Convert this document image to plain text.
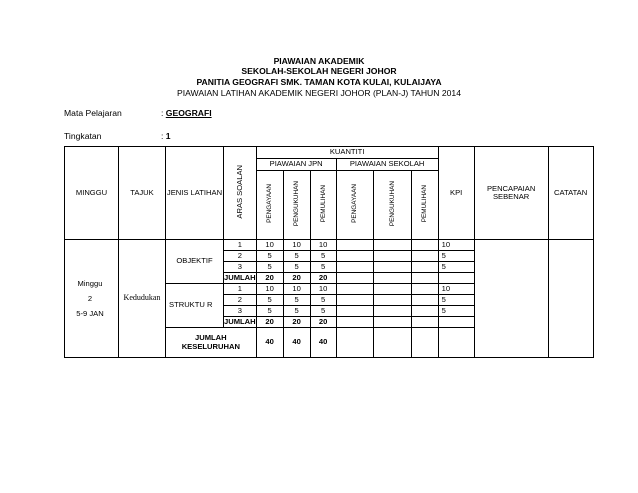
PIAWAIAN AKADEMIK
SEKOLAH-SEKOLAH NEGERI JOHOR
PANITIA GEOGRAFI SMK. TAMAN KOTA KULAI, KULAIJAYA
PIAWAIAN LATIHAN AKADEMIK NEGERI JOHOR (PLAN-J) TAHUN 2014
Mata Pelajaran	: GEOGRAFI
Tingkatan	: 1
MINGGU	TAJUK	JENIS LATIHAN	ARAS SOALAN	KUANTITI						KPI	PENCAPAIAN SEBENAR	CATATAN
				PIAWAIAN JPN			PIAWAIAN SEKOLAH					
				PENGAYAAN	PENGUKUHAN	PEMULIHAN	PENGAYAAN	PENGUKUHAN	PEMULIHAN			

Minggu
2
5-9 JAN	Kedudukan	OBJEKTIF	1	10	10	10				10		
			2	5	5	5				5		
			3	5	5	5				5		
			JUMLAH	20	20	20						
		STRUKTU R	1	10	10	10				10		
			2	5	5	5				5		
			3	5	5	5				5		
			JUMLAH	20	20	20						
		JUMLAH KESELURUHAN		40	40	40						
